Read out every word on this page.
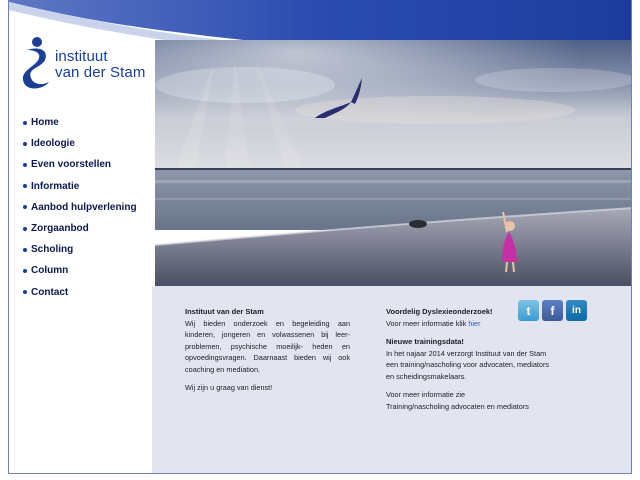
instituut
van der Stam
Home
Ideologie
Even voorstellen
Informatie
Aanbod hulpverlening
Zorgaanbod
Scholing
Column
Contact
Instituut van der Stam

Wij bieden onderzoek en begeleiding aan kinderen, jongeren en volwassenen bij leer-problemen, psychische moeilijk- heden en opvoedingsvragen. Daarnaast bieden wij ook coaching en mediation.

Wij zijn u graag van dienst!

Voordelig Dyslexieonderzoek!

Voor meer informatie klik hier

Nieuwe trainingsdata!

In het najaar 2014 verzorgt Instituut van der Stam een training/nascholing voor advocaten, mediators en scheidingsmakelaars.

Voor meer informatie zie
Training/nascholing advocaten en mediators

t	f	in
